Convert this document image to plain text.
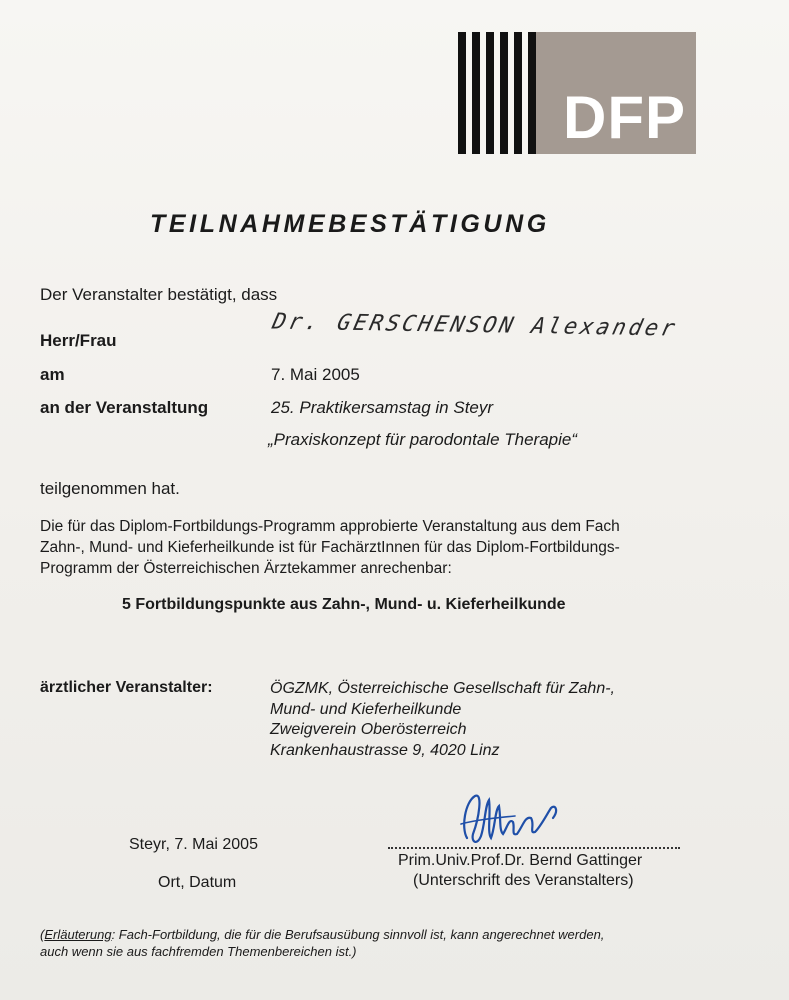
DFP
TEILNAHMEBESTÄTIGUNG
Der Veranstalter bestätigt, dass
Herr/Frau	Dr. GERSCHENSON Alexander
am	7. Mai 2005
an der Veranstaltung	25. Praktikersamstag in Steyr
„Praxiskonzept für parodontale Therapie“
teilgenommen hat.
Die für das Diplom-Fortbildungs-Programm approbierte Veranstaltung aus dem Fach
Zahn-, Mund- und Kieferheilkunde ist für FachärztInnen für das Diplom-Fortbildungs-
Programm der Österreichischen Ärztekammer anrechenbar:
5 Fortbildungspunkte aus Zahn-, Mund- u. Kieferheilkunde
ärztlicher Veranstalter:	ÖGZMK, Österreichische Gesellschaft für Zahn-,
Mund- und Kieferheilkunde
Zweigverein Oberösterreich
Krankenhaustrasse 9, 4020 Linz
Steyr, 7. Mai 2005
Ort, Datum
Prim.Univ.Prof.Dr. Bernd Gattinger
(Unterschrift des Veranstalters)
(Erläuterung: Fach-Fortbildung, die für die Berufsausübung sinnvoll ist, kann angerechnet werden,
auch wenn sie aus fachfremden Themenbereichen ist.)
